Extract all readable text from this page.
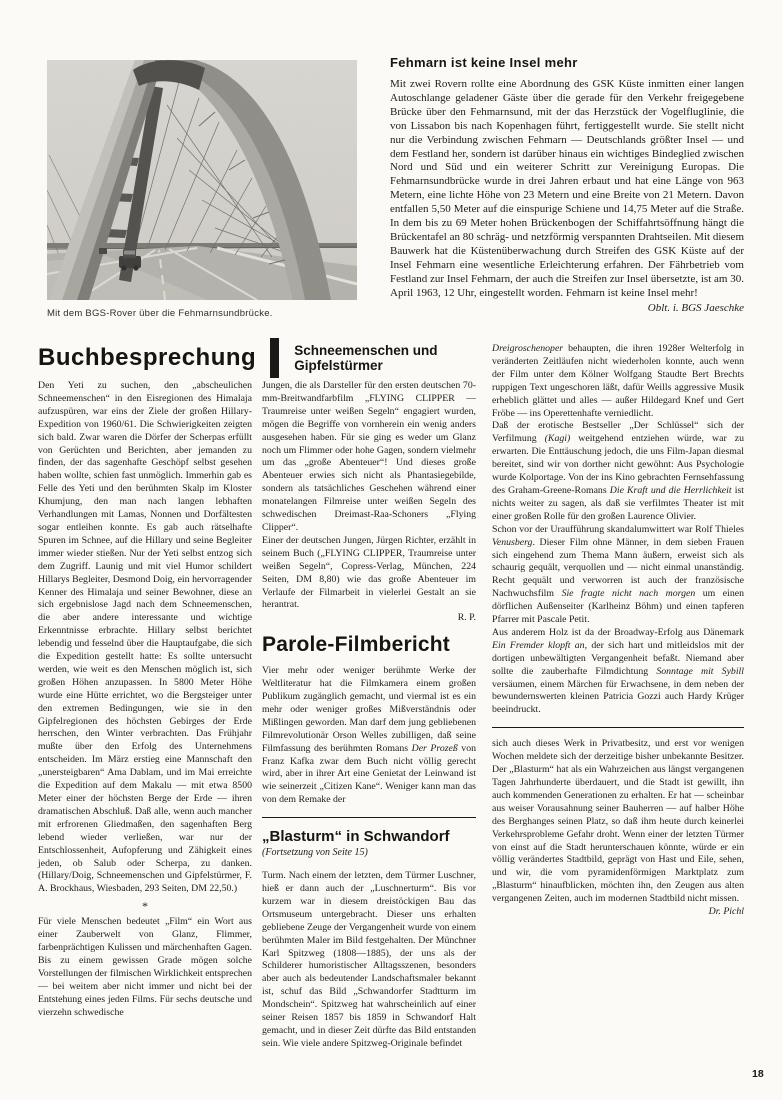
Mit dem BGS-Rover über die Fehmarnsundbrücke.
Fehmarn ist keine Insel mehr

Mit zwei Rovern rollte eine Abordnung des GSK Küste inmitten einer langen Autoschlange geladener Gäste über die gerade für den Verkehr freigegebene Brücke über den Fehmarnsund, mit der das Herzstück der Vogelfluglinie, die von Lissabon bis nach Kopenhagen führt, fertiggestellt wurde. Sie stellt nicht nur die Verbindung zwischen Fehmarn — Deutschlands größter Insel — und dem Festland her, sondern ist darüber hinaus ein wichtiges Bindeglied zwischen Nord und Süd und ein weiterer Schritt zur Vereinigung Europas. Die Fehmarnsundbrücke wurde in drei Jahren erbaut und hat eine Länge von 963 Metern, eine lichte Höhe von 23 Metern und eine Breite von 21 Metern. Davon entfallen 5,50 Meter auf die einspurige Schiene und 14,75 Meter auf die Straße. In dem bis zu 69 Meter hohen Brückenbogen der Schiffahrtsöffnung hängt die Brückentafel an 80 schräg- und netzförmig verspannten Drahtseilen. Mit diesem Bauwerk hat die Küstenüberwachung durch Streifen des GSK Küste auf der Insel Fehmarn eine wesentliche Erleichterung erfahren. Der Fährbetrieb vom Festland zur Insel Fehmarn, der auch die Streifen zur Insel übersetzte, ist am 30. April 1963, 12 Uhr, eingestellt worden. Fehmarn ist keine Insel mehr!

Oblt. i. BGS Jaeschke
Buchbesprechung	Schneemenschen und Gipfelstürmer

Den Yeti zu suchen, den „abscheulichen Schneemenschen“ in den Eisregionen des Himalaja aufzuspüren, war eins der Ziele der großen Hillary-Expedition von 1960/61. Die Schwierigkeiten zeigten sich bald. Zwar waren die Dörfer der Scherpas erfüllt von Gerüchten und Berichten, aber jemanden zu finden, der das sagenhafte Geschöpf selbst gesehen haben wollte, schien fast unmöglich. Immerhin gab es Felle des Yeti und den berühmten Skalp im Kloster Khumjung, den man nach langen lebhaften Verhandlungen mit Lamas, Nonnen und Dorfältesten sogar entleihen konnte. Es gab auch rätselhafte Spuren im Schnee, auf die Hillary und seine Begleiter immer wieder stießen. Nur der Yeti selbst entzog sich dem Zugriff. Launig und mit viel Humor schildert Hillarys Begleiter, Desmond Doig, ein hervorragender Kenner des Himalaja und seiner Bewohner, diese an sich ergebnislose Jagd nach dem Schneemenschen, die aber andere interessante und wichtige Erkenntnisse erbrachte. Hillary selbst berichtet lebendig und fesselnd über die Hauptaufgabe, die sich die Expedition gestellt hatte: Es sollte untersucht werden, wie weit es den Menschen möglich ist, sich großen Höhen anzupassen. In 5800 Meter Höhe wurde eine Hütte errichtet, wo die Bergsteiger unter den extremen Bedingungen, wie sie in den Gipfelregionen des höchsten Gebirges der Erde herrschen, den Winter verbrachten. Das Frühjahr mußte über den Erfolg des Unternehmens entscheiden. Im März erstieg eine Mannschaft den „unersteigbaren“ Ama Dablam, und im Mai erreichte die Expedition auf dem Makalu — mit etwa 8500 Meter einer der höchsten Berge der Erde — ihren dramatischen Abschluß. Daß alle, wenn auch mancher mit erfrorenen Gliedmaßen, den sagenhaften Berg lebend wieder verließen, war nur der Entschlossenheit, Aufopferung und Zähigkeit eines jeden, ob Salub oder Scherpa, zu danken. (Hillary/Doig, Schneemenschen und Gipfelstürmer, F. A. Brockhaus, Wiesbaden, 293 Seiten, DM 22,50.)

*

Für viele Menschen bedeutet „Film“ ein Wort aus einer Zauberwelt von Glanz, Flimmer, farbenprächtigen Kulissen und märchenhaften Gagen. Bis zu einem gewissen Grade mögen solche Vorstellungen der filmischen Wirklichkeit entsprechen — bei weitem aber nicht immer und nicht bei der Entstehung eines jeden Films. Für sechs deutsche und vierzehn schwedische

Jungen, die als Darsteller für den ersten deutschen 70-mm-Breitwandfarbfilm „FLYING CLIPPER — Traumreise unter weißen Segeln“ engagiert wurden, mögen die Begriffe von vornherein ein wenig anders ausgesehen haben. Für sie ging es weder um Glanz noch um Flimmer oder hohe Gagen, sondern vielmehr um das „große Abenteuer“! Und dieses große Abenteuer erwies sich nicht als Phantasiegebilde, sondern als tatsächliches Geschehen während einer monatelangen Filmreise unter weißen Segeln des schwedischen Dreimast-Raa-Schoners „Flying Clipper“.

Einer der deutschen Jungen, Jürgen Richter, erzählt in seinem Buch („FLYING CLIPPER, Traumreise unter weißen Segeln“, Copress-Verlag, München, 224 Seiten, DM 8,80) wie das große Abenteuer im Verlaufe der Filmarbeit in vielerlei Gestalt an sie herantrat.

R. P.
Parole-Filmbericht

Vier mehr oder weniger berühmte Werke der Weltliteratur hat die Filmkamera einem großen Publikum zugänglich gemacht, und viermal ist es ein mehr oder weniger großes Mißverständnis oder Mißlingen geworden. Man darf dem jung gebliebenen Filmrevolutionär Orson Welles zubilligen, daß seine Filmfassung des berühmten Romans Der Prozeß von Franz Kafka zwar dem Buch nicht völlig gerecht wird, aber in ihrer Art eine Genietat der Leinwand ist wie seinerzeit „Citizen Kane“. Weniger kann man das von dem Remake der

„Blasturm“ in Schwandorf
(Fortsetzung von Seite 15)

Turm. Nach einem der letzten, dem Türmer Luschner, hieß er dann auch der „Luschnerturm“. Bis vor kurzem war in diesem dreistöckigen Bau das Ortsmuseum untergebracht. Dieser uns erhalten gebliebene Zeuge der Vergangenheit wurde von einem berühmten Maler im Bild festgehalten. Der Münchner Karl Spitzweg (1808—1885), der uns als der Schilderer humoristischer Alltagsszenen, besonders aber auch als bedeutender Landschaftsmaler bekannt ist, schuf das Bild „Schwandorfer Stadtturm im Mondschein“. Spitzweg hat wahrscheinlich auf einer seiner Reisen 1857 bis 1859 in Schwandorf Halt gemacht, und in dieser Zeit dürfte das Bild entstanden sein. Wie viele andere Spitzweg-Originale befindet

Dreigroschenoper behaupten, die ihren 1928er Welterfolg in veränderten Zeitläufen nicht wiederholen konnte, auch wenn der Film unter dem Kölner Wolfgang Staudte Bert Brechts ruppigen Text ungeschoren läßt, dafür Weills aggressive Musik erheblich glättet und alles — außer Hildegard Knef und Gert Fröbe — ins Operettenhafte verniedlicht.

Daß der erotische Bestseller „Der Schlüssel“ sich der Verfilmung (Kagi) weitgehend entziehen würde, war zu erwarten. Die Enttäuschung jedoch, die uns Film-Japan diesmal bereitet, sind wir von dorther nicht gewöhnt: Aus Psychologie wurde Kolportage. Von der ins Kino gebrachten Fernsehfassung des Graham-Greene-Romans Die Kraft und die Herrlichkeit ist nichts weiter zu sagen, als daß sie verfilmtes Theater ist mit einer großen Rolle für den großen Laurence Olivier.

Schon vor der Uraufführung skandalumwittert war Rolf Thieles Venusberg. Dieser Film ohne Männer, in dem sieben Frauen sich eingehend zum Thema Mann äußern, erweist sich als schaurig gequält, verquollen und — nicht einmal unanständig. Recht gequält und verworren ist auch der französische Nachwuchsfilm Sie fragte nicht nach morgen um einen dörflichen Außenseiter (Karlheinz Böhm) und einen tapferen Pfarrer mit Pascale Petit.

Aus anderem Holz ist da der Broadway-Erfolg aus Dänemark Ein Fremder klopft an, der sich hart und mitleidslos mit der dortigen unbewältigten Vergangenheit befaßt. Niemand aber sollte die zauberhafte Filmdichtung Sonntage mit Sybill versäumen, einem Märchen für Erwachsene, in dem neben der bewundernswerten kleinen Patricia Gozzi auch Hardy Krüger beeindruckt.

sich auch dieses Werk in Privatbesitz, und erst vor wenigen Wochen meldete sich der derzeitige bisher unbekannte Besitzer. Der „Blasturm“ hat als ein Wahrzeichen aus längst vergangenen Tagen Jahrhunderte überdauert, und die Stadt ist gewillt, ihn auch kommenden Generationen zu erhalten. Er hat — scheinbar aus weiser Vorausahnung seiner Bauherren — auf halber Höhe des Berghanges seinen Platz, so daß ihm heute durch keinerlei Verkehrsprobleme Gefahr droht. Wenn einer der letzten Türmer von einst auf die Stadt herunterschauen könnte, würde er ein völlig verändertes Stadtbild, geprägt von Hast und Eile, sehen, und wir, die vom pyramidenförmigen Marktplatz zum „Blasturm“ hinaufblicken, möchten ihn, den Zeugen aus alten vergangenen Zeiten, auch im modernen Stadtbild nicht missen.

Dr. Pichl
18
